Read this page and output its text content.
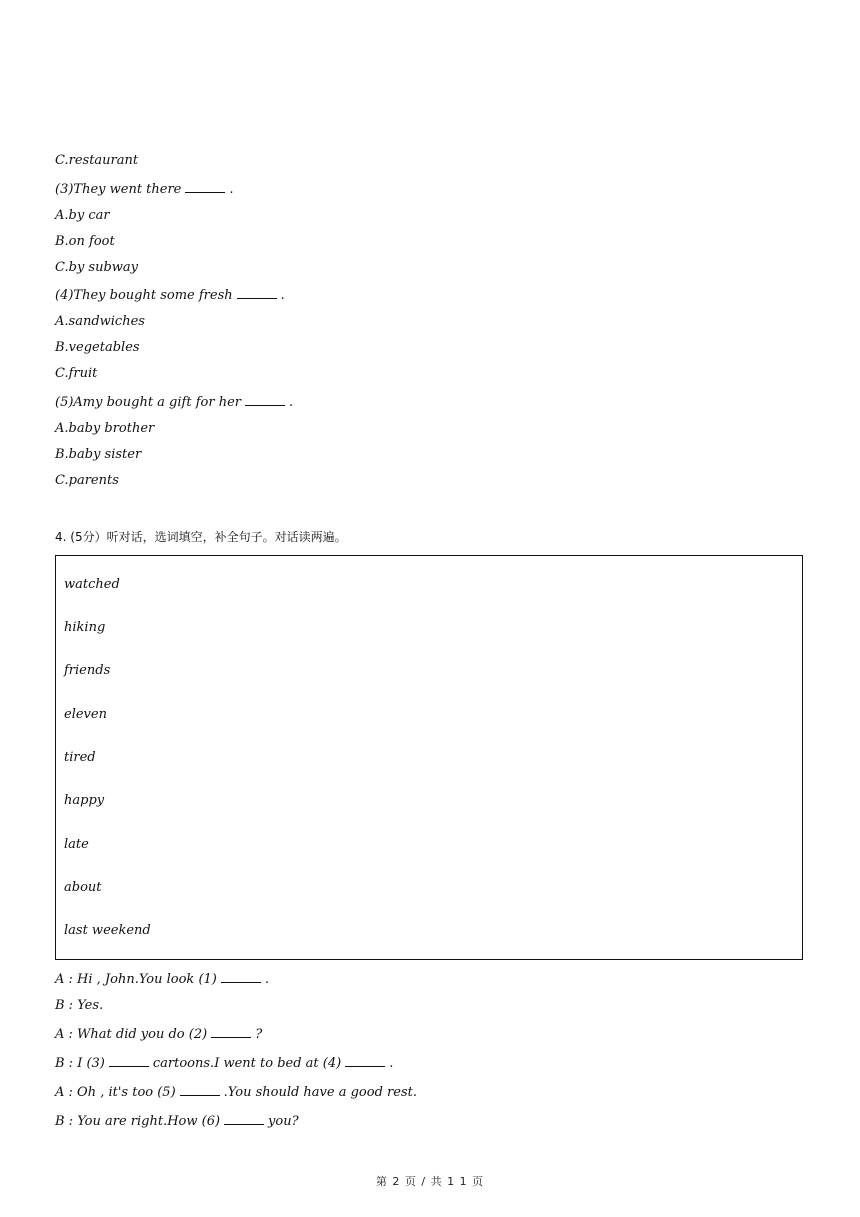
C.restaurant
(3)They went there	.
A.by car
B.on foot
C.by subway
(4)They bought some fresh	.
A.sandwiches
B.vegetables
C.fruit
(5)Amy bought a gift for her	.
A.baby brother
B.baby sister
C.parents
4. (5分）听对话，选词填空，补全句子。对话读两遍。
watched
hiking
friends
eleven
tired
happy
late
about
last weekend
A : Hi , John.You look (1)	.
B : Yes.
A : What did you do (2)	?
B : I (3)	cartoons.I went to bed at (4)	.
A : Oh , it's too (5)	.You should have a good rest.
B : You are right.How (6)	you?
第 2 页 / 共 1 1 页
